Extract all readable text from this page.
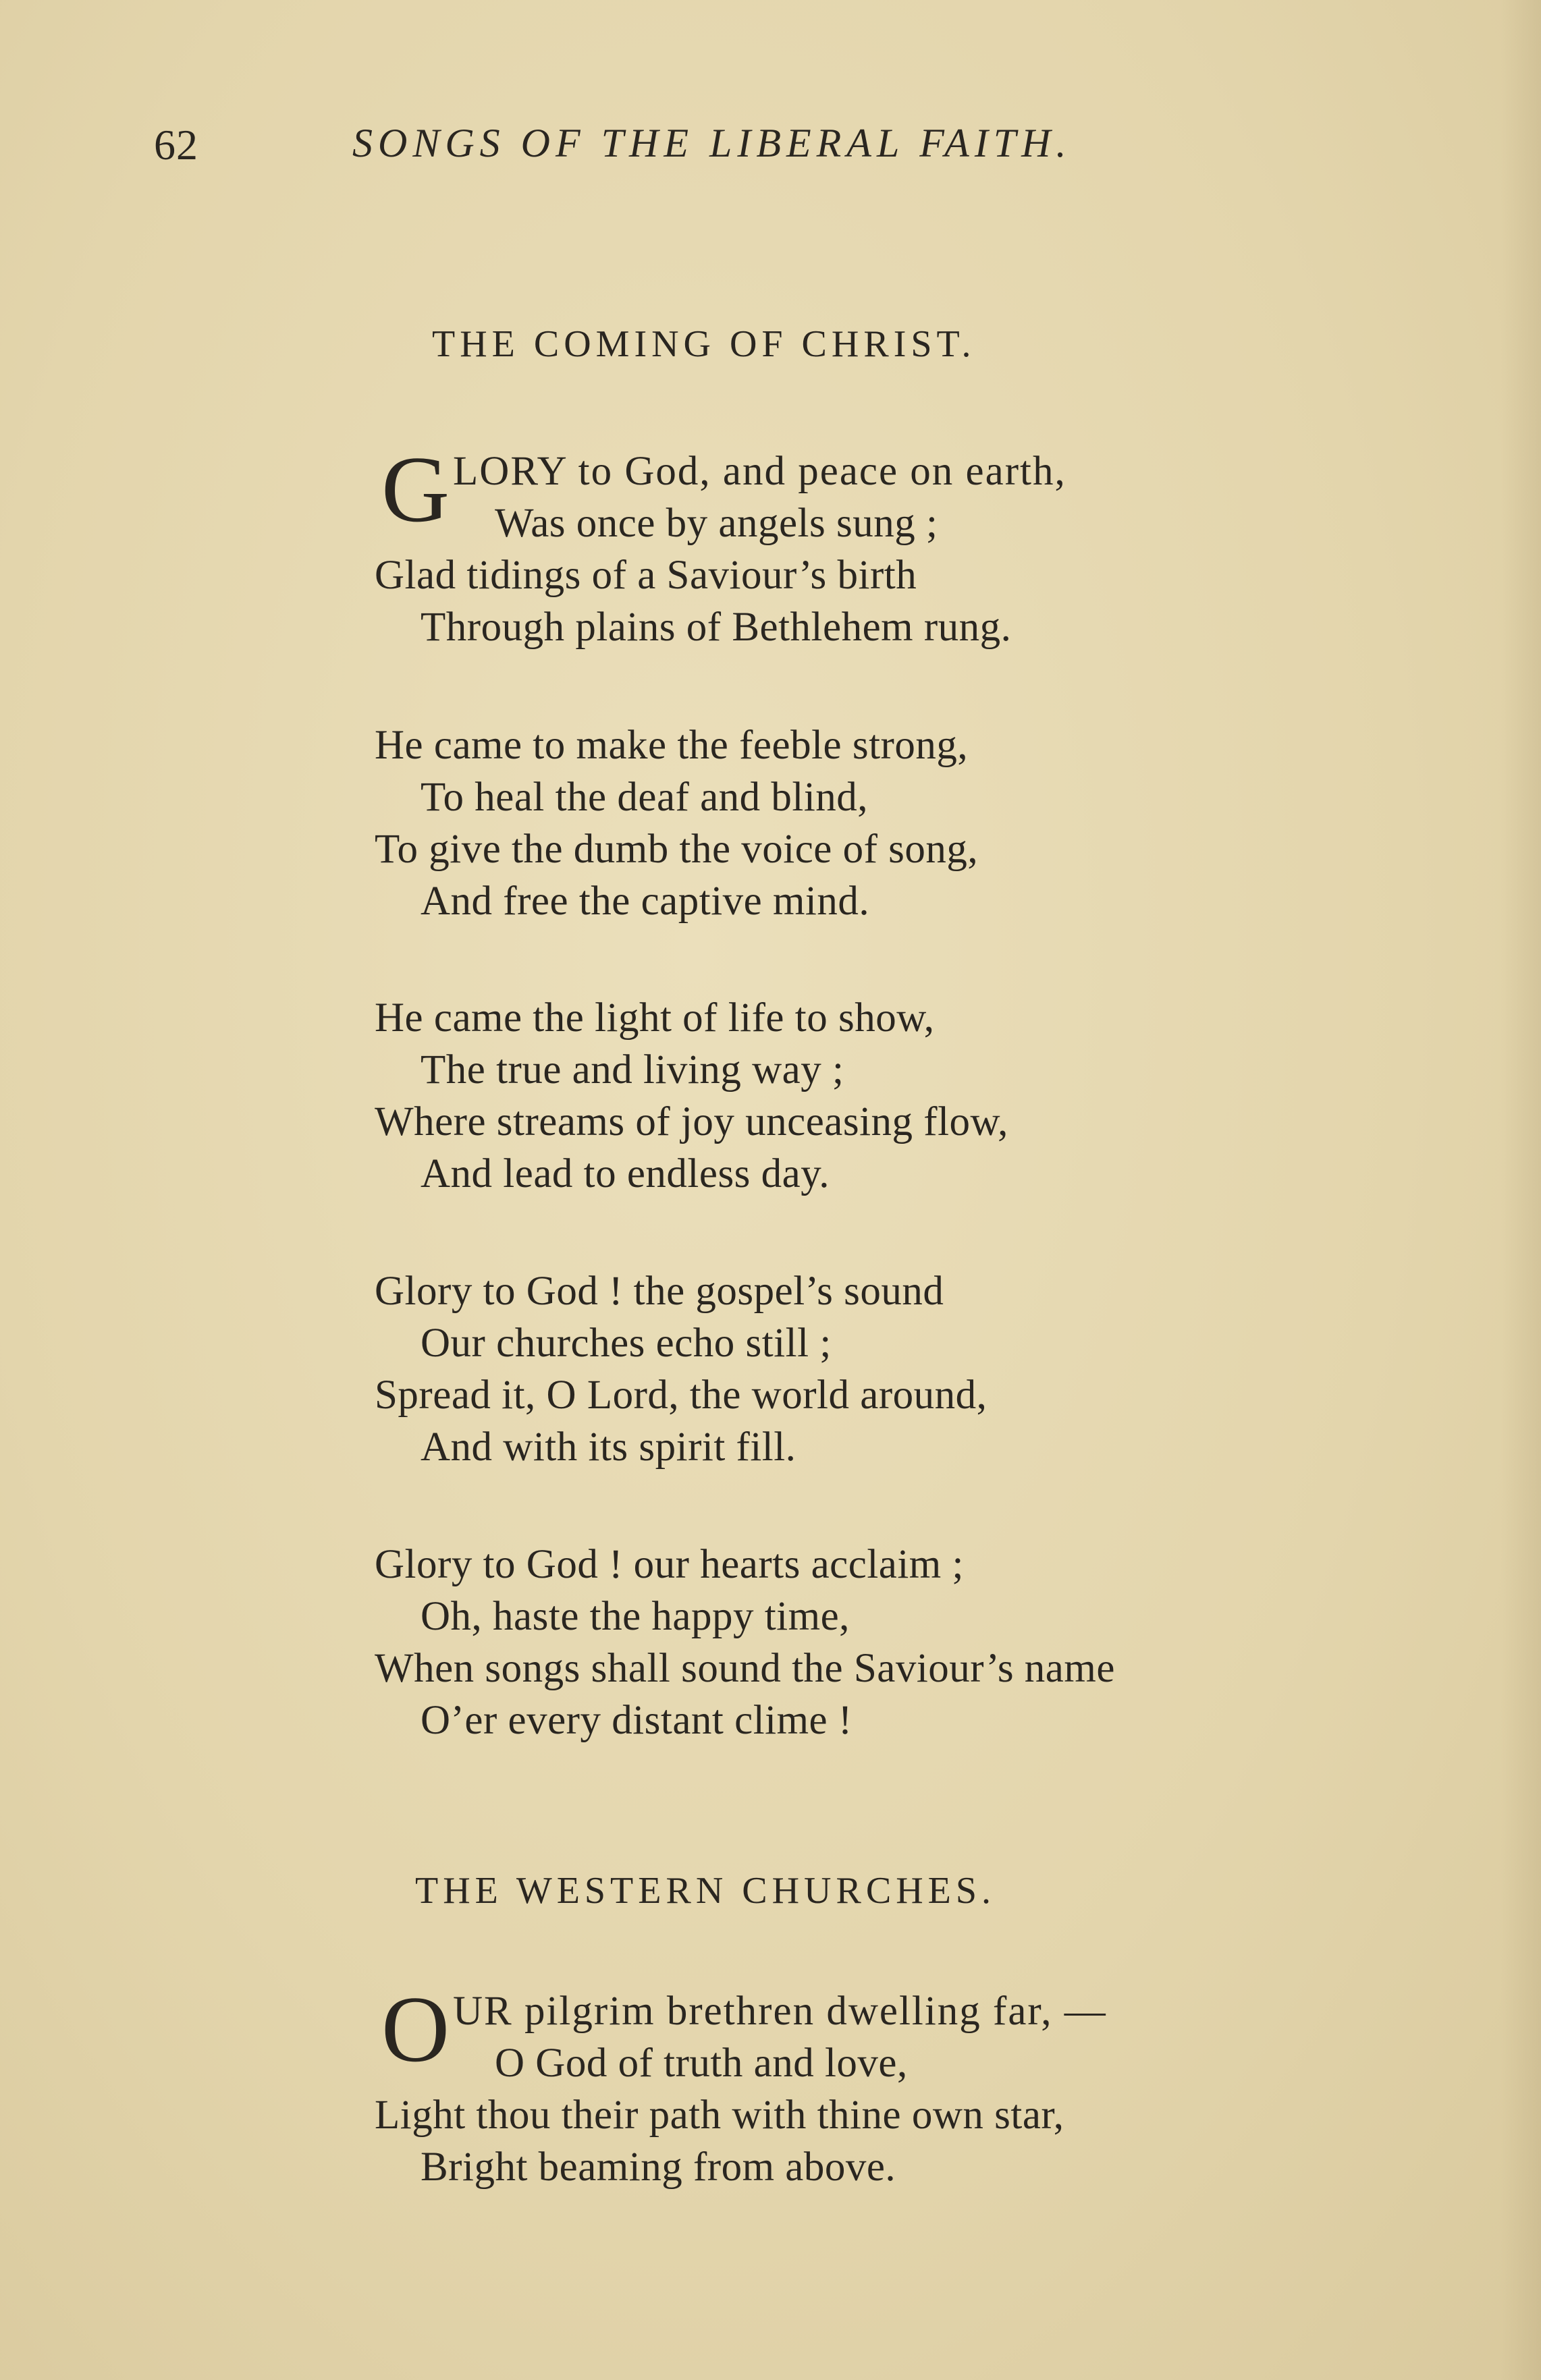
62	SONGS OF THE LIBERAL FAITH.
THE COMING OF CHRIST.
G LORY to God, and peace on earth,
Was once by angels sung ;
Glad tidings of a Saviour’s birth
Through plains of Bethlehem rung.
He came to make the feeble strong,
To heal the deaf and blind,
To give the dumb the voice of song,
And free the captive mind.
He came the light of life to show,
The true and living way ;
Where streams of joy unceasing flow,
And lead to endless day.
Glory to God ! the gospel’s sound
Our churches echo still ;
Spread it, O Lord, the world around,
And with its spirit fill.
Glory to God ! our hearts acclaim ;
Oh, haste the happy time,
When songs shall sound the Saviour’s name
O’er every distant clime !
THE WESTERN CHURCHES.
O UR pilgrim brethren dwelling far, —
O God of truth and love,
Light thou their path with thine own star,
Bright beaming from above.
